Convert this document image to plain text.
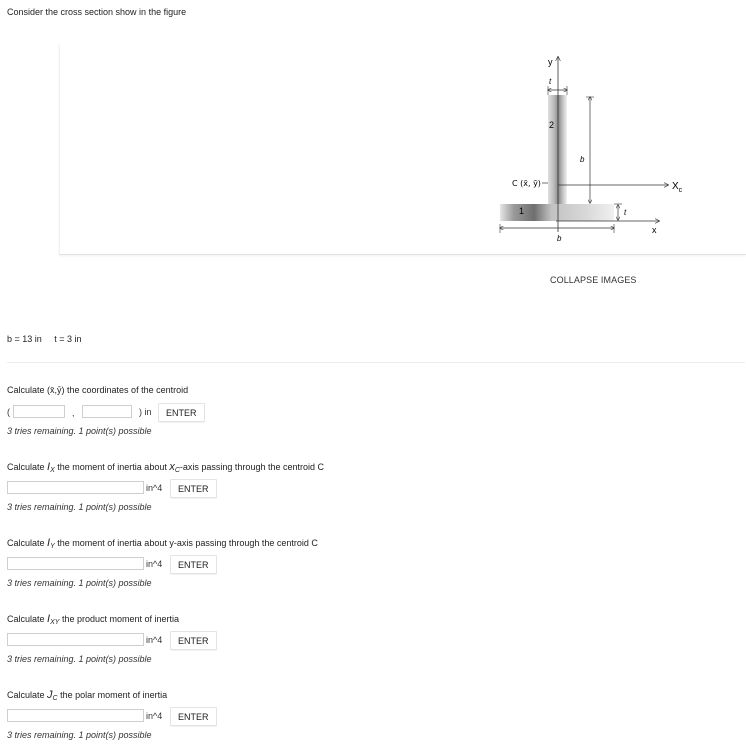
Consider the cross section show in the figure
y
t
2
b
C (x̄, ȳ)	$X_c$
1	t
x
b
COLLAPSE IMAGES
b = 13 in t = 3 in
Calculate (x̄,ȳ) the coordinates of the centroid
(	,	) in	ENTER
3 tries remaining. 1 point(s) possible
Calculate $I_X$ the moment of inertia about $x_C$-axis passing through the centroid C
in^4	ENTER
3 tries remaining. 1 point(s) possible
Calculate $I_Y$ the moment of inertia about y-axis passing through the centroid C
in^4	ENTER
3 tries remaining. 1 point(s) possible
Calculate $I_{XY}$ the product moment of inertia
in^4	ENTER
3 tries remaining. 1 point(s) possible
Calculate $J_C$ the polar moment of inertia
in^4	ENTER
3 tries remaining. 1 point(s) possible
